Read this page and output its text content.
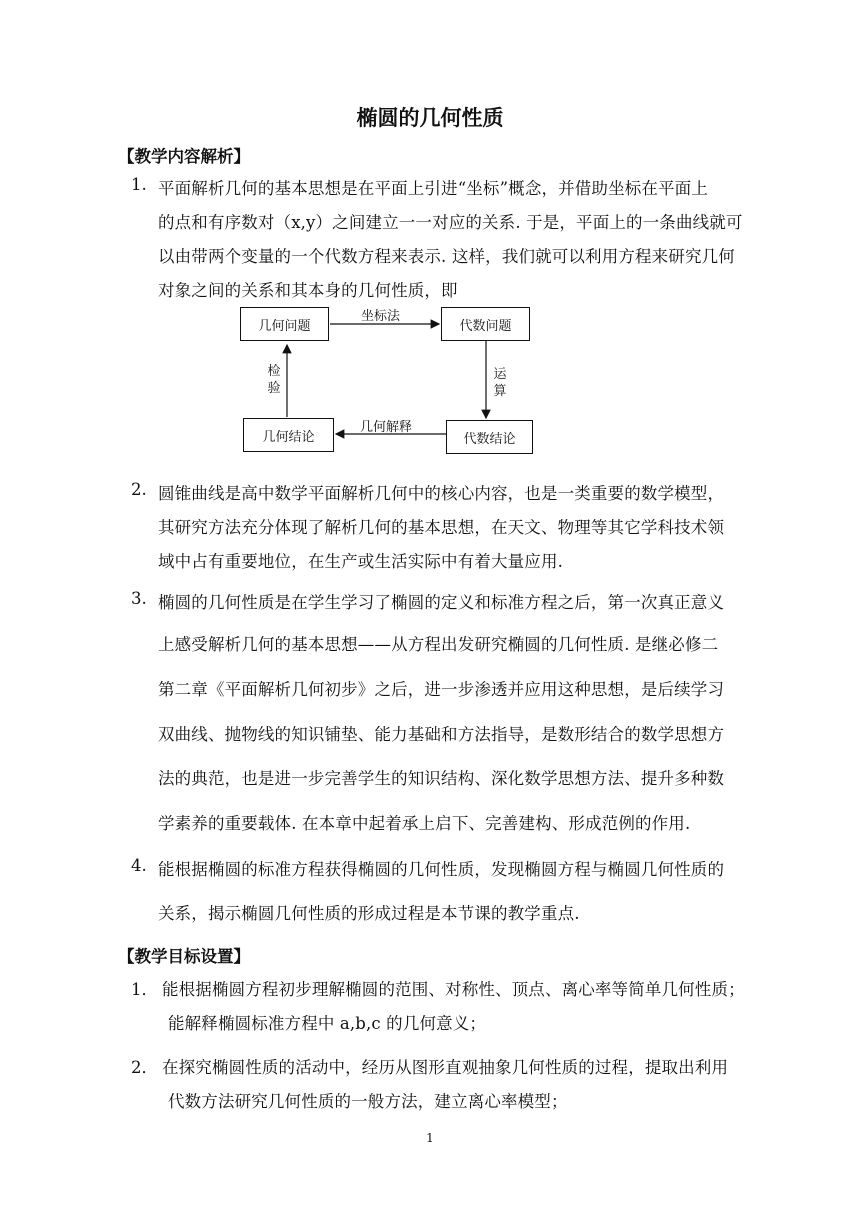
椭圆的几何性质
【教学内容解析】
1. 平面解析几何的基本思想是在平面上引进“坐标”概念，并借助坐标在平面上
的点和有序数对（x,y）之间建立一一对应的关系. 于是，平面上的一条曲线就可
以由带两个变量的一个代数方程来表示. 这样，我们就可以利用方程来研究几何
对象之间的关系和其本身的几何性质，即
几何问题	代数问题
几何结论	代数结论
坐标法
几何解释
运算
检验
2. 圆锥曲线是高中数学平面解析几何中的核心内容，也是一类重要的数学模型，
其研究方法充分体现了解析几何的基本思想，在天文、物理等其它学科技术领
域中占有重要地位，在生产或生活实际中有着大量应用.
3. 椭圆的几何性质是在学生学习了椭圆的定义和标准方程之后，第一次真正意义
上感受解析几何的基本思想——从方程出发研究椭圆的几何性质. 是继必修二
第二章《平面解析几何初步》之后，进一步渗透并应用这种思想，是后续学习
双曲线、抛物线的知识铺垫、能力基础和方法指导，是数形结合的数学思想方
法的典范，也是进一步完善学生的知识结构、深化数学思想方法、提升多种数
学素养的重要载体. 在本章中起着承上启下、完善建构、形成范例的作用.
4. 能根据椭圆的标准方程获得椭圆的几何性质，发现椭圆方程与椭圆几何性质的
关系，揭示椭圆几何性质的形成过程是本节课的教学重点.
【教学目标设置】
1． 能根据椭圆方程初步理解椭圆的范围、对称性、顶点、离心率等简单几何性质；
能解释椭圆标准方程中 a,b,c 的几何意义；
2． 在探究椭圆性质的活动中，经历从图形直观抽象几何性质的过程，提取出利用
代数方法研究几何性质的一般方法，建立离心率模型；
1
